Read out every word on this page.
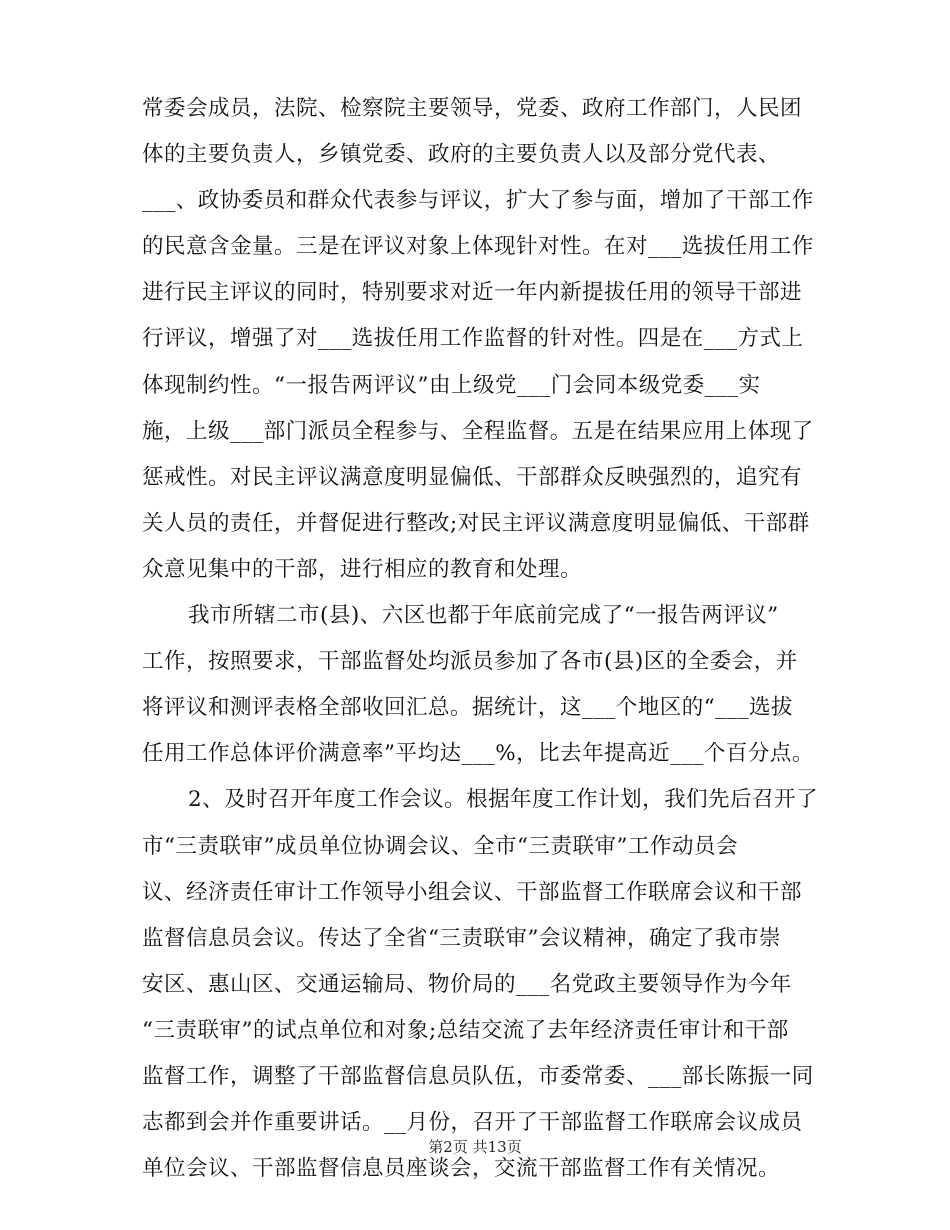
常委会成员，法院、检察院主要领导，党委、政府工作部门，人民团
体的主要负责人，乡镇党委、政府的主要负责人以及部分党代表、
___、政协委员和群众代表参与评议，扩大了参与面，增加了干部工作
的民意含金量。三是在评议对象上体现针对性。在对___选拔任用工作
进行民主评议的同时，特别要求对近一年内新提拔任用的领导干部进
行评议，增强了对___选拔任用工作监督的针对性。四是在___方式上
体现制约性。“一报告两评议”由上级党___门会同本级党委___实
施，上级___部门派员全程参与、全程监督。五是在结果应用上体现了
惩戒性。对民主评议满意度明显偏低、干部群众反映强烈的，追究有
关人员的责任，并督促进行整改;对民主评议满意度明显偏低、干部群
众意见集中的干部，进行相应的教育和处理。
我市所辖二市(县)、六区也都于年底前完成了“一报告两评议”
工作，按照要求，干部监督处均派员参加了各市(县)区的全委会，并
将评议和测评表格全部收回汇总。据统计，这___个地区的“___选拔
任用工作总体评价满意率”平均达___%，比去年提高近___个百分点。
2、及时召开年度工作会议。根据年度工作计划，我们先后召开了
市“三责联审”成员单位协调会议、全市“三责联审”工作动员会
议、经济责任审计工作领导小组会议、干部监督工作联席会议和干部
监督信息员会议。传达了全省“三责联审”会议精神，确定了我市崇
安区、惠山区、交通运输局、物价局的___名党政主要领导作为今年
“三责联审”的试点单位和对象;总结交流了去年经济责任审计和干部
监督工作，调整了干部监督信息员队伍，市委常委、___部长陈振一同
志都到会并作重要讲话。__月份，召开了干部监督工作联席会议成员
单位会议、干部监督信息员座谈会，交流干部监督工作有关情况。
第2页 共13页
